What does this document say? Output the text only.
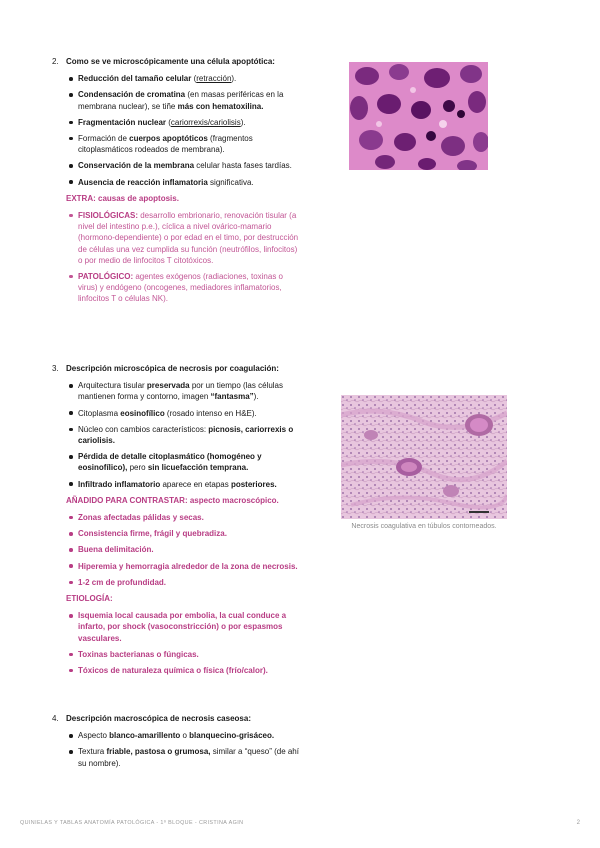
2. Como se ve microscópicamente una célula apoptótica:
Reducción del tamaño celular (retracción).
Condensación de cromatina (en masas periféricas en la membrana nuclear), se tiñe más con hematoxilina.
Fragmentación nuclear (cariorrexis/cariolisis).
Formación de cuerpos apoptóticos (fragmentos citoplasmáticos rodeados de membrana).
Conservación de la membrana celular hasta fases tardías.
Ausencia de reacción inflamatoria significativa.
EXTRA: causas de apoptosis.
FISIOLÓGICAS: desarrollo embrionario, renovación tisular (a nivel del intestino p.e.), cíclica a nivel ovárico-mamario (hormono-dependiente) o por edad en el timo, por destrucción de células una vez cumplida su función (neutrófilos, linfocitos) o por medio de linfocitos T citotóxicos.
PATOLÓGICO: agentes exógenos (radiaciones, toxinas o virus) y endógeno (oncogenes, mediadores inflamatorios, linfocitos T o células NK).
3. Descripción microscópica de necrosis por coagulación:
Arquitectura tisular preservada por un tiempo (las células mantienen forma y contorno, imagen “fantasma”).
Citoplasma eosinofílico (rosado intenso en H&E).
Núcleo con cambios característicos: picnosis, cariorrexis o cariolisis.
Pérdida de detalle citoplasmático (homogéneo y eosinofílico), pero sin licuefacción temprana.
Infiltrado inflamatorio aparece en etapas posteriores.
AÑADIDO PARA CONTRASTAR: aspecto macroscópico.
Zonas afectadas pálidas y secas.
Consistencia firme, frágil y quebradiza.
Buena delimitación.
Hiperemia y hemorragia alrededor de la zona de necrosis.
1-2 cm de profundidad.
ETIOLOGÍA:
Isquemia local causada por embolia, la cual conduce a infarto, por shock (vasoconstricción) o por espasmos vasculares.
Toxinas bacterianas o fúngicas.
Tóxicos de naturaleza química o física (frío/calor).
Necrosis coagulativa en túbulos contorneados.
4. Descripción macroscópica de necrosis caseosa:
Aspecto blanco-amarillento o blanquecino-grisáceo.
Textura friable, pastosa o grumosa, similar a “queso” (de ahí su nombre).
QUINIELAS Y TABLAS ANATOMÍA PATOLÓGICA - 1º BLOQUE - CRISTINA AGIN	2
